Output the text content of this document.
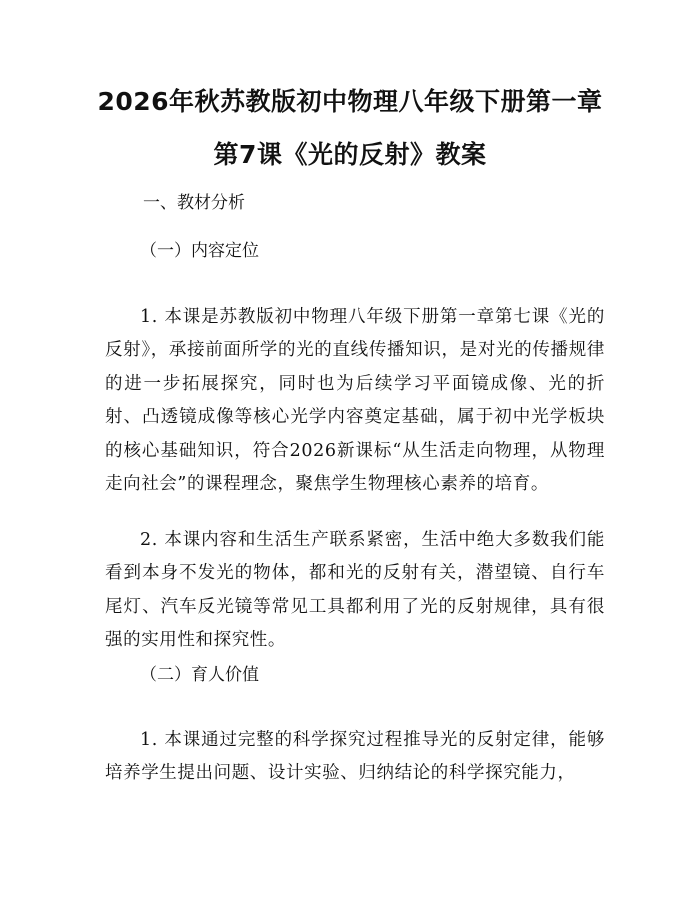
2026年秋苏教版初中物理八年级下册第一章
第7课《光的反射》教案
一、教材分析
（一）内容定位

1. 本课是苏教版初中物理八年级下册第一章第七课《光的反射》，承接前面所学的光的直线传播知识，是对光的传播规律的进一步拓展探究，同时也为后续学习平面镜成像、光的折射、凸透镜成像等核心光学内容奠定基础，属于初中光学板块的核心基础知识，符合2026新课标“从生活走向物理，从物理走向社会”的课程理念，聚焦学生物理核心素养的培育。

2. 本课内容和生活生产联系紧密，生活中绝大多数我们能看到本身不发光的物体，都和光的反射有关，潜望镜、自行车尾灯、汽车反光镜等常见工具都利用了光的反射规律，具有很强的实用性和探究性。

（二）育人价值

1. 本课通过完整的科学探究过程推导光的反射定律，能够培养学生提出问题、设计实验、归纳结论的科学探究能力，
